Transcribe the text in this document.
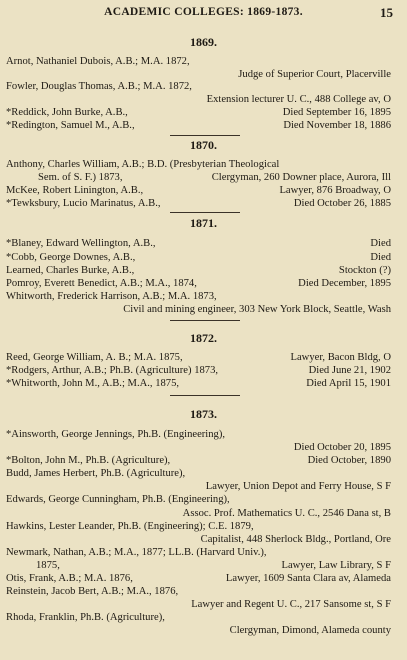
ACADEMIC COLLEGES: 1869-1873.	15
1869.
Arnot, Nathaniel Dubois, A.B.; M.A. 1872,
Judge of Superior Court, Placerville
Fowler, Douglas Thomas, A.B.; M.A. 1872,
Extension lecturer U. C., 488 College av, O
*Reddick, John Burke, A.B.,	Died September 16, 1895
*Redington, Samuel M., A.B.,	Died November 18, 1886
1870.
Anthony, Charles William, A.B.; B.D. (Presbyterian Theological
Sem. of S. F.) 1873,	Clergyman, 260 Downer place, Aurora, Ill
McKee, Robert Linington, A.B.,	Lawyer, 876 Broadway, O
*Tewksbury, Lucio Marinatus, A.B.,	Died October 26, 1885
1871.
*Blaney, Edward Wellington, A.B.,	Died
*Cobb, George Downes, A.B.,	Died
Learned, Charles Burke, A.B.,	Stockton (?)
Pomroy, Everett Benedict, A.B.; M.A., 1874,	Died December, 1895
Whitworth, Frederick Harrison, A.B.; M.A. 1873,
Civil and mining engineer, 303 New York Block, Seattle, Wash
1872.
Reed, George William, A. B.; M.A. 1875,	Lawyer, Bacon Bldg, O
*Rodgers, Arthur, A.B.; Ph.B. (Agriculture) 1873,	Died June 21, 1902
*Whitworth, John M., A.B.; M.A., 1875,	Died April 15, 1901
1873.
*Ainsworth, George Jennings, Ph.B. (Engineering),
Died October 20, 1895
*Bolton, John M., Ph.B. (Agriculture),	Died October, 1890
Budd, James Herbert, Ph.B. (Agriculture),
Lawyer, Union Depot and Ferry House, S F
Edwards, George Cunningham, Ph.B. (Engineering),
Assoc. Prof. Mathematics U. C., 2546 Dana st, B
Hawkins, Lester Leander, Ph.B. (Engineering); C.E. 1879,
Capitalist, 448 Sherlock Bldg., Portland, Ore
Newmark, Nathan, A.B.; M.A., 1877; LL.B. (Harvard Univ.),
1875,	Lawyer, Law Library, S F
Otis, Frank, A.B.; M.A. 1876,	Lawyer, 1609 Santa Clara av, Alameda
Reinstein, Jacob Bert, A.B.; M.A., 1876,
Lawyer and Regent U. C., 217 Sansome st, S F
Rhoda, Franklin, Ph.B. (Agriculture),
Clergyman, Dimond, Alameda county
